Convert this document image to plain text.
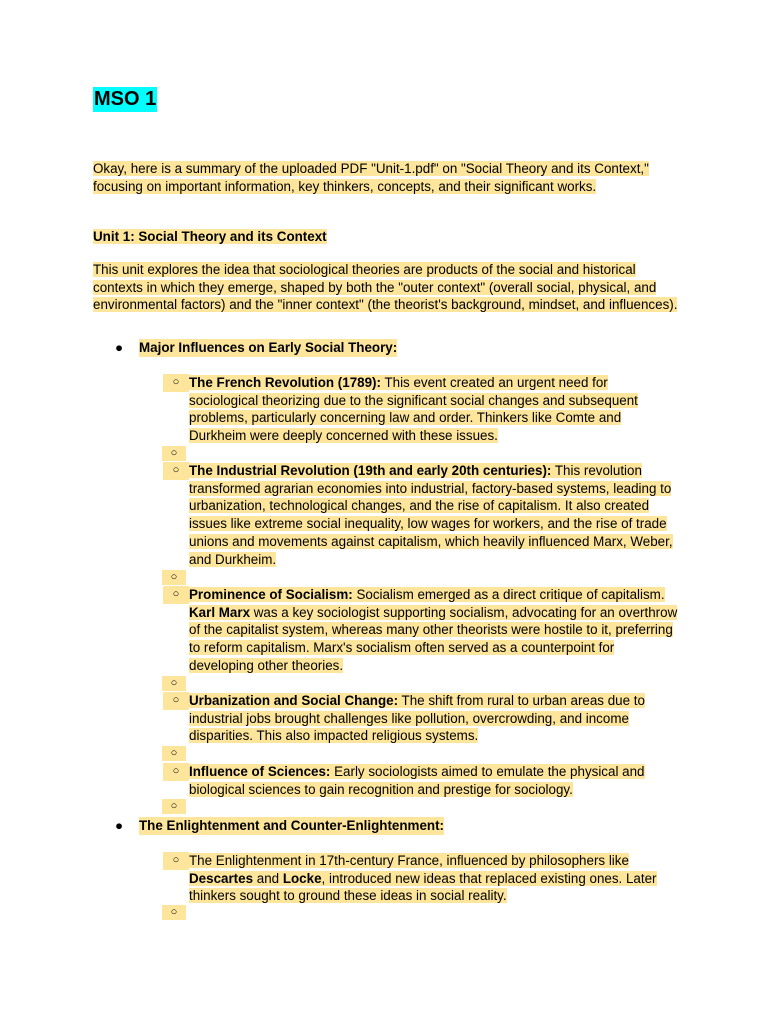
MSO 1

Okay, here is a summary of the uploaded PDF "Unit-1.pdf" on "Social Theory and its Context," focusing on important information, key thinkers, concepts, and their significant works.

Unit 1: Social Theory and its Context

This unit explores the idea that sociological theories are products of the social and historical contexts in which they emerge, shaped by both the "outer context" (overall social, physical, and environmental factors) and the "inner context" (the theorist's background, mindset, and influences).

● Major Influences on Early Social Theory:
○ The French Revolution (1789): This event created an urgent need for sociological theorizing due to the significant social changes and subsequent problems, particularly concerning law and order. Thinkers like Comte and Durkheim were deeply concerned with these issues.
○
○ The Industrial Revolution (19th and early 20th centuries): This revolution transformed agrarian economies into industrial, factory-based systems, leading to urbanization, technological changes, and the rise of capitalism. It also created issues like extreme social inequality, low wages for workers, and the rise of trade unions and movements against capitalism, which heavily influenced Marx, Weber, and Durkheim.
○
○ Prominence of Socialism: Socialism emerged as a direct critique of capitalism. Karl Marx was a key sociologist supporting socialism, advocating for an overthrow of the capitalist system, whereas many other theorists were hostile to it, preferring to reform capitalism. Marx's socialism often served as a counterpoint for developing other theories.
○
○ Urbanization and Social Change: The shift from rural to urban areas due to industrial jobs brought challenges like pollution, overcrowding, and income disparities. This also impacted religious systems.
○
○ Influence of Sciences: Early sociologists aimed to emulate the physical and biological sciences to gain recognition and prestige for sociology.
○
● The Enlightenment and Counter-Enlightenment:
○ The Enlightenment in 17th-century France, influenced by philosophers like Descartes and Locke, introduced new ideas that replaced existing ones. Later thinkers sought to ground these ideas in social reality.
○
